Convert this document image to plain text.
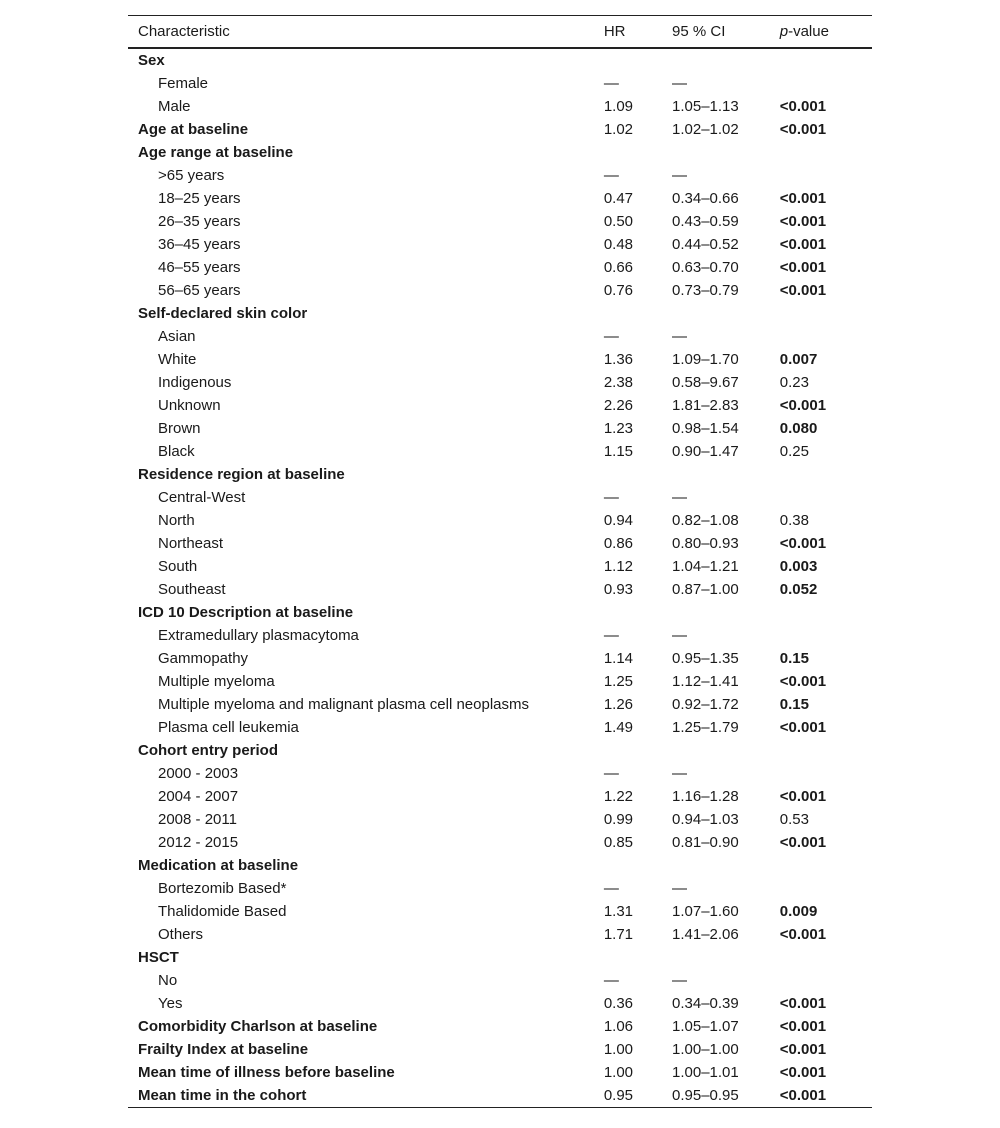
Characteristic	HR	95 % CI	p-value
Sex			
Female	—	—	
Male	1.09	1.05–1.13	<0.001
Age at baseline	1.02	1.02–1.02	<0.001
Age range at baseline			
>65 years	—	—	
18–25 years	0.47	0.34–0.66	<0.001
26–35 years	0.50	0.43–0.59	<0.001
36–45 years	0.48	0.44–0.52	<0.001
46–55 years	0.66	0.63–0.70	<0.001
56–65 years	0.76	0.73–0.79	<0.001
Self-declared skin color			
Asian	—	—	
White	1.36	1.09–1.70	0.007
Indigenous	2.38	0.58–9.67	0.23
Unknown	2.26	1.81–2.83	<0.001
Brown	1.23	0.98–1.54	0.080
Black	1.15	0.90–1.47	0.25
Residence region at baseline			
Central-West	—	—	
North	0.94	0.82–1.08	0.38
Northeast	0.86	0.80–0.93	<0.001
South	1.12	1.04–1.21	0.003
Southeast	0.93	0.87–1.00	0.052
ICD 10 Description at baseline			
Extramedullary plasmacytoma	—	—	
Gammopathy	1.14	0.95–1.35	0.15
Multiple myeloma	1.25	1.12–1.41	<0.001
Multiple myeloma and malignant plasma cell neoplasms	1.26	0.92–1.72	0.15
Plasma cell leukemia	1.49	1.25–1.79	<0.001
Cohort entry period			
2000 - 2003	—	—	
2004 - 2007	1.22	1.16–1.28	<0.001
2008 - 2011	0.99	0.94–1.03	0.53
2012 - 2015	0.85	0.81–0.90	<0.001
Medication at baseline			
Bortezomib Based*	—	—	
Thalidomide Based	1.31	1.07–1.60	0.009
Others	1.71	1.41–2.06	<0.001
HSCT			
No	—	—	
Yes	0.36	0.34–0.39	<0.001
Comorbidity Charlson at baseline	1.06	1.05–1.07	<0.001
Frailty Index at baseline	1.00	1.00–1.00	<0.001
Mean time of illness before baseline	1.00	1.00–1.01	<0.001
Mean time in the cohort	0.95	0.95–0.95	<0.001
